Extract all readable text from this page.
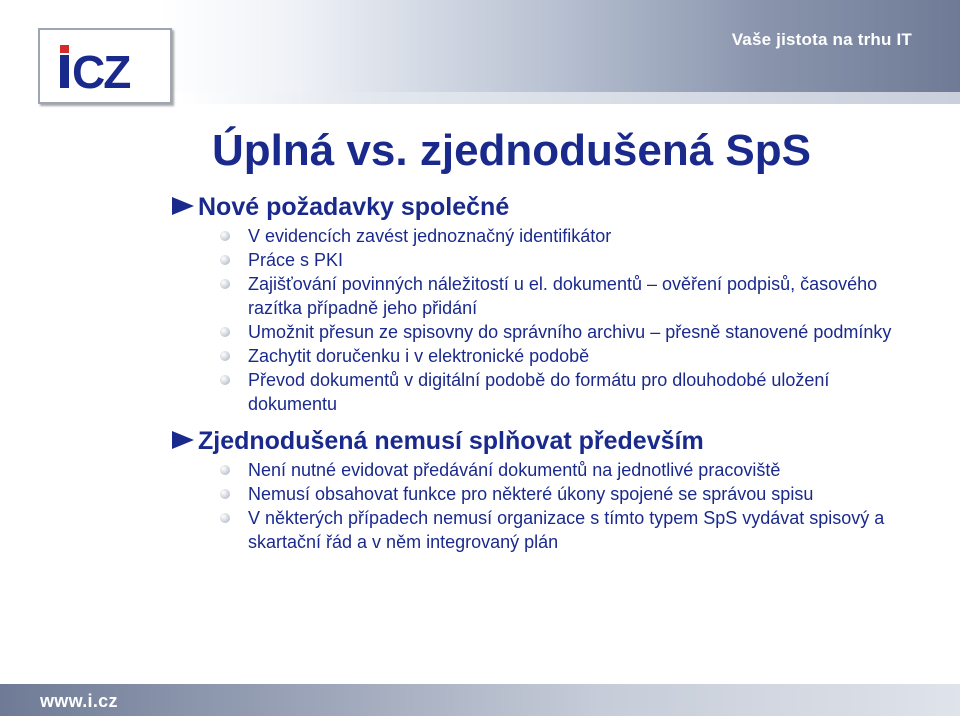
Vaše jistota na trhu IT
CZ
Úplná vs. zjednodušená SpS
Nové požadavky společné
V evidencích zavést jednoznačný identifikátor
Práce s PKI
Zajišťování povinných náležitostí u el. dokumentů – ověření podpisů, časového razítka případně jeho přidání
Umožnit přesun ze spisovny do správního archivu – přesně stanovené podmínky
Zachytit doručenku i v elektronické podobě
Převod dokumentů v digitální podobě do formátu pro dlouhodobé uložení dokumentu
Zjednodušená nemusí splňovat především
Není nutné evidovat předávání dokumentů na jednotlivé pracoviště
Nemusí obsahovat funkce pro některé úkony spojené se správou spisu
V některých případech nemusí organizace s tímto typem SpS vydávat spisový a skartační řád a v něm integrovaný plán
www.i.cz
